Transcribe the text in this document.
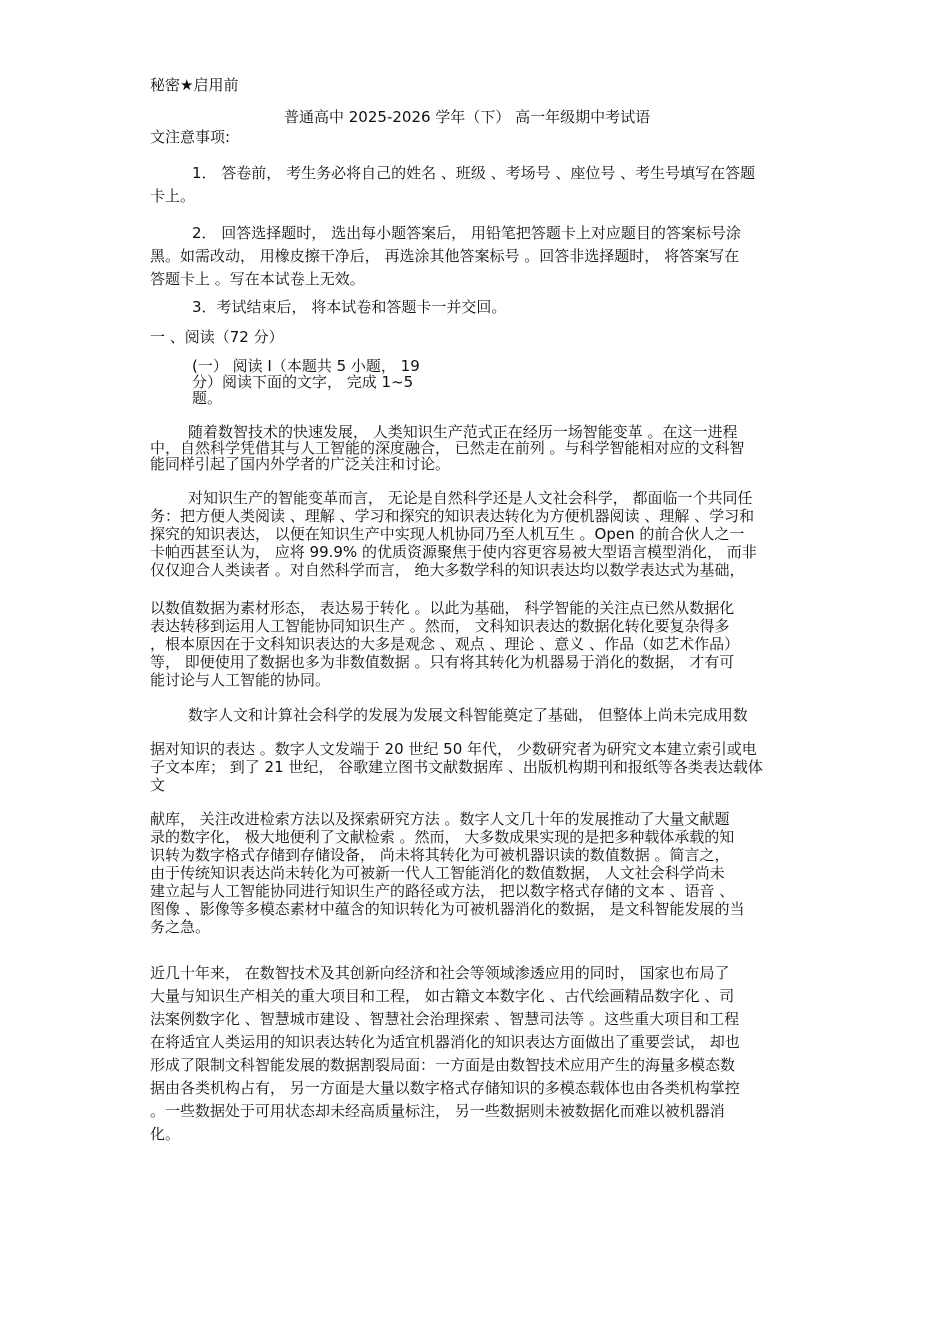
秘密★启用前
普通高中 2025-2026 学年（下） 高一年级期中考试语
文注意事项:
1． 答卷前， 考生务必将自己的姓名 、班级 、考场号 、座位号 、考生号填写在答题
卡上。
2． 回答选择题时， 选出每小题答案后， 用铅笔把答题卡上对应题目的答案标号涂
黑。如需改动， 用橡皮擦干净后， 再选涂其他答案标号 。回答非选择题时， 将答案写在
答题卡上 。写在本试卷上无效。
3．考试结束后， 将本试卷和答题卡一并交回。
一 、阅读（72 分）
(一） 阅读 I（本题共 5 小题， 19
分）阅读下面的文字， 完成 1~5
题。
随着数智技术的快速发展， 人类知识生产范式正在经历一场智能变革 。在这一进程
中，自然科学凭借其与人工智能的深度融合， 已然走在前列 。与科学智能相对应的文科智
能同样引起了国内外学者的广泛关注和讨论。
对知识生产的智能变革而言， 无论是自然科学还是人文社会科学， 都面临一个共同任
务：把方便人类阅读 、理解 、学习和探究的知识表达转化为方便机器阅读 、理解 、学习和
探究的知识表达， 以便在知识生产中实现人机协同乃至人机互生 。Open 的前合伙人之一
卡帕西甚至认为， 应将 99.9% 的优质资源聚焦于使内容更容易被大型语言模型消化， 而非
仅仅迎合人类读者 。对自然科学而言， 绝大多数学科的知识表达均以数学表达式为基础，
以数值数据为素材形态， 表达易于转化 。以此为基础， 科学智能的关注点已然从数据化
表达转移到运用人工智能协同知识生产 。然而， 文科知识表达的数据化转化要复杂得多
，根本原因在于文科知识表达的大多是观念 、观点 、理论 、意义 、作品（如艺术作品）
等， 即便使用了数据也多为非数值数据 。只有将其转化为机器易于消化的数据， 才有可
能讨论与人工智能的协同。
数字人文和计算社会科学的发展为发展文科智能奠定了基础， 但整体上尚未完成用数
据对知识的表达 。数字人文发端于 20 世纪 50 年代， 少数研究者为研究文本建立索引或电
子文本库； 到了 21 世纪， 谷歌建立图书文献数据库 、出版机构期刊和报纸等各类表达载体
文
献库， 关注改进检索方法以及探索研究方法 。数字人文几十年的发展推动了大量文献题
录的数字化， 极大地便利了文献检索 。然而， 大多数成果实现的是把多种载体承载的知
识转为数字格式存储到存储设备， 尚未将其转化为可被机器识读的数值数据 。简言之，
由于传统知识表达尚未转化为可被新一代人工智能消化的数值数据， 人文社会科学尚未
建立起与人工智能协同进行知识生产的路径或方法， 把以数字格式存储的文本 、语音 、
图像 、影像等多模态素材中蕴含的知识转化为可被机器消化的数据， 是文科智能发展的当
务之急。
近几十年来， 在数智技术及其创新向经济和社会等领域渗透应用的同时， 国家也布局了
大量与知识生产相关的重大项目和工程， 如古籍文本数字化 、古代绘画精品数字化 、司
法案例数字化 、智慧城市建设 、智慧社会治理探索 、智慧司法等 。这些重大项目和工程
在将适宜人类运用的知识表达转化为适宜机器消化的知识表达方面做出了重要尝试， 却也
形成了限制文科智能发展的数据割裂局面：一方面是由数智技术应用产生的海量多模态数
据由各类机构占有， 另一方面是大量以数字格式存储知识的多模态载体也由各类机构掌控
。一些数据处于可用状态却未经高质量标注， 另一些数据则未被数据化而难以被机器消
化。
